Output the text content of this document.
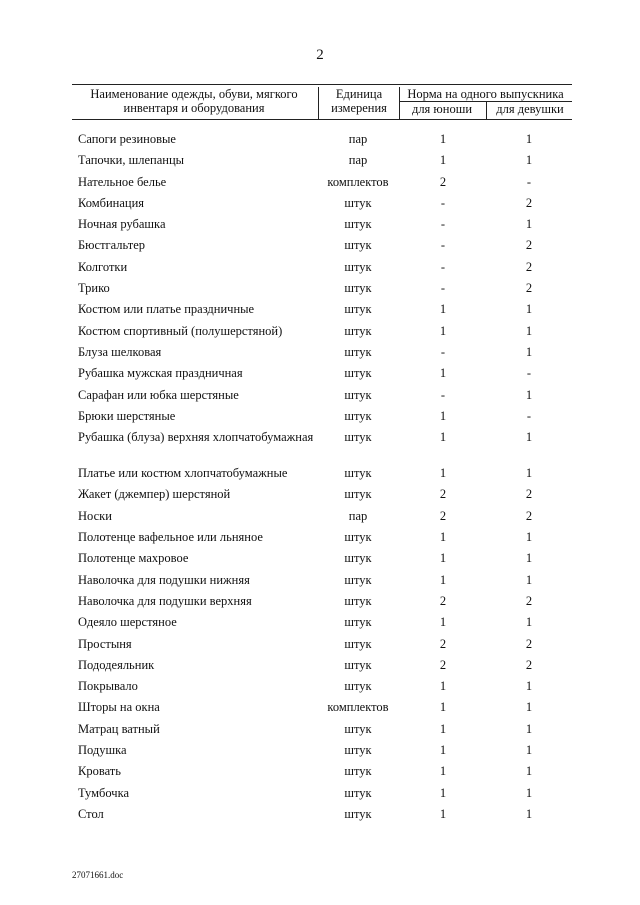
2
Наименование одежды, обуви, мягкого инвентаря и оборудования
Единица измерения
Норма на одного выпускника
для юноши	для девушки
Сапоги резиновые	пар	1	1
Тапочки, шлепанцы	пар	1	1
Нательное белье	комплектов	2	-
Комбинация	штук	-	2
Ночная рубашка	штук	-	1
Бюстгальтер	штук	-	2
Колготки	штук	-	2
Трико	штук	-	2
Костюм или платье праздничные	штук	1	1
Костюм спортивный (полушерстяной)	штук	1	1
Блуза шелковая	штук	-	1
Рубашка мужская праздничная	штук	1	-
Сарафан или юбка шерстяные	штук	-	1
Брюки шерстяные	штук	1	-
Рубашка (блуза) верхняя хлопчатобумажная	штук	1	1
Платье или костюм хлопчатобумажные	штук	1	1
Жакет (джемпер) шерстяной	штук	2	2
Носки	пар	2	2
Полотенце вафельное или льняное	штук	1	1
Полотенце махровое	штук	1	1
Наволочка для подушки нижняя	штук	1	1
Наволочка для подушки верхняя	штук	2	2
Одеяло шерстяное	штук	1	1
Простыня	штук	2	2
Пододеяльник	штук	2	2
Покрывало	штук	1	1
Шторы на окна	комплектов	1	1
Матрац ватный	штук	1	1
Подушка	штук	1	1
Кровать	штук	1	1
Тумбочка	штук	1	1
Стол	штук	1	1
27071661.doc
